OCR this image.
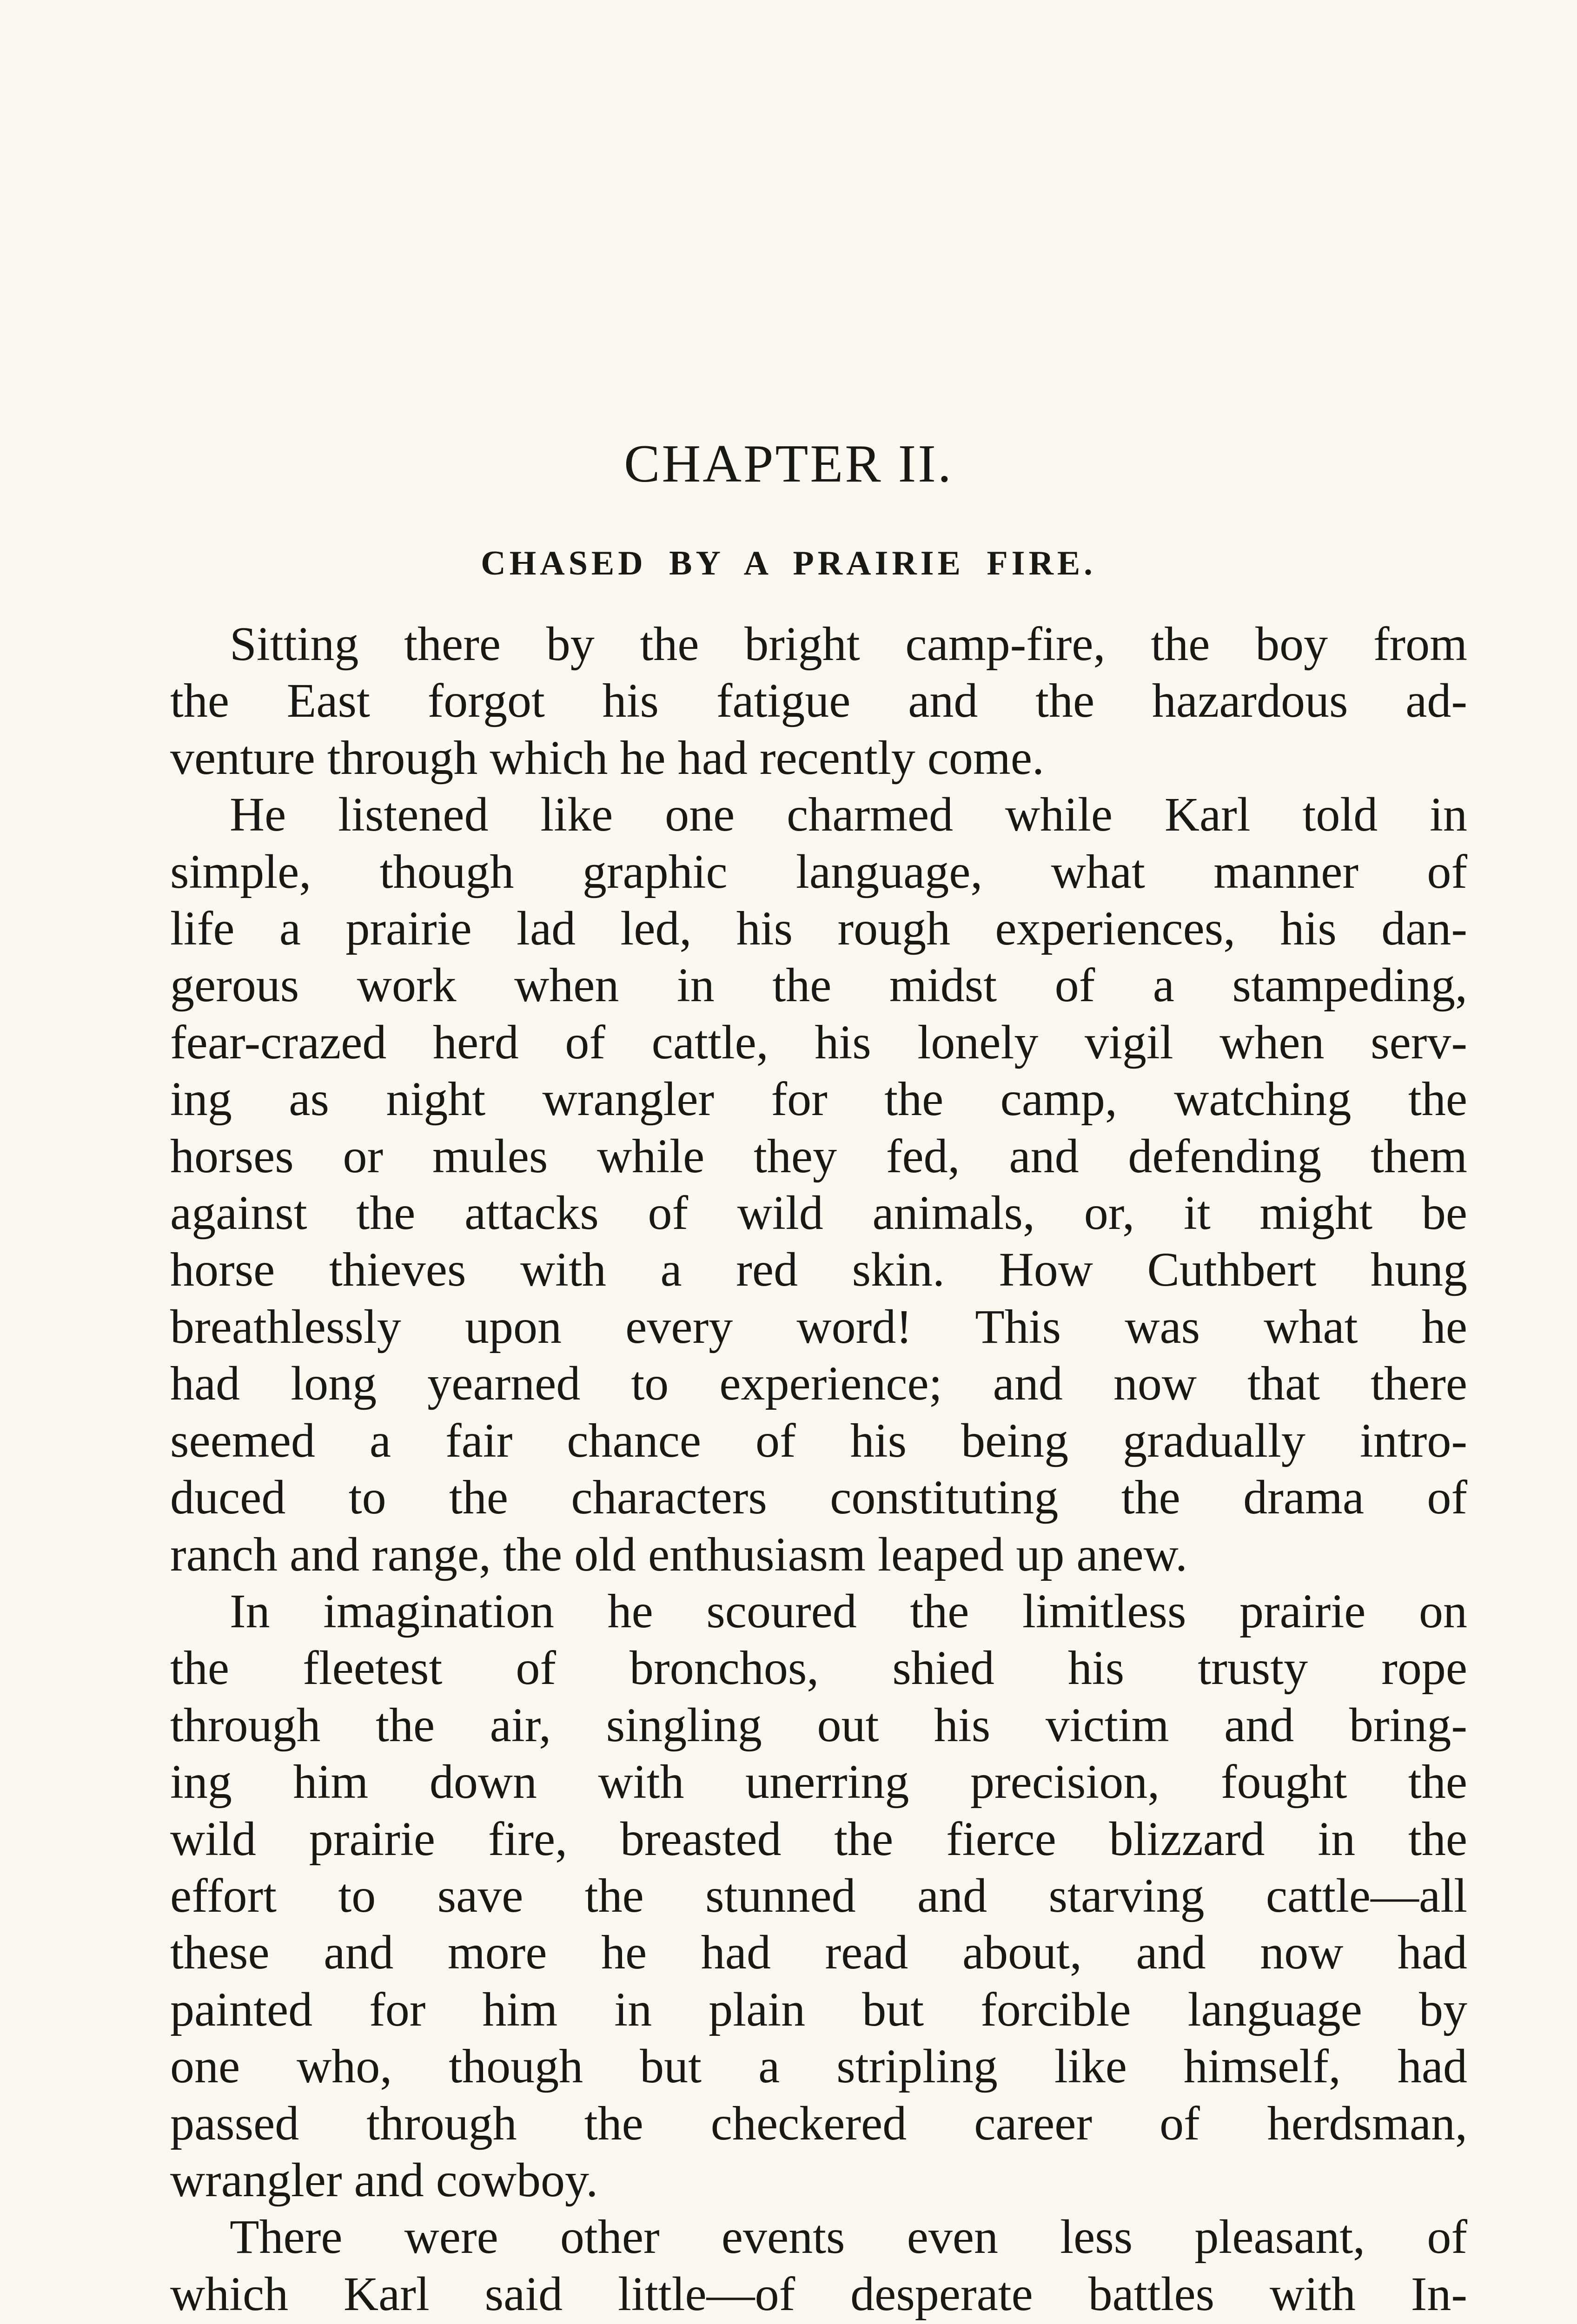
CHAPTER II.
CHASED BY A PRAIRIE FIRE.

Sitting there by the bright camp-fire, the boy from
the East forgot his fatigue and the hazardous ad-
venture through which he had recently come.

He listened like one charmed while Karl told in
simple, though graphic language, what manner of
life a prairie lad led, his rough experiences, his dan-
gerous work when in the midst of a stampeding,
fear-crazed herd of cattle, his lonely vigil when serv-
ing as night wrangler for the camp, watching the
horses or mules while they fed, and defending them
against the attacks of wild animals, or, it might be
horse thieves with a red skin. How Cuthbert hung
breathlessly upon every word! This was what he
had long yearned to experience; and now that there
seemed a fair chance of his being gradually intro-
duced to the characters constituting the drama of
ranch and range, the old enthusiasm leaped up anew.

In imagination he scoured the limitless prairie on
the fleetest of bronchos, shied his trusty rope
through the air, singling out his victim and bring-
ing him down with unerring precision, fought the
wild prairie fire, breasted the fierce blizzard in the
effort to save the stunned and starving cattle—all
these and more he had read about, and now had
painted for him in plain but forcible language by
one who, though but a stripling like himself, had
passed through the checkered career of herdsman,
wrangler and cowboy.

There were other events even less pleasant, of
which Karl said little—of desperate battles with In-
